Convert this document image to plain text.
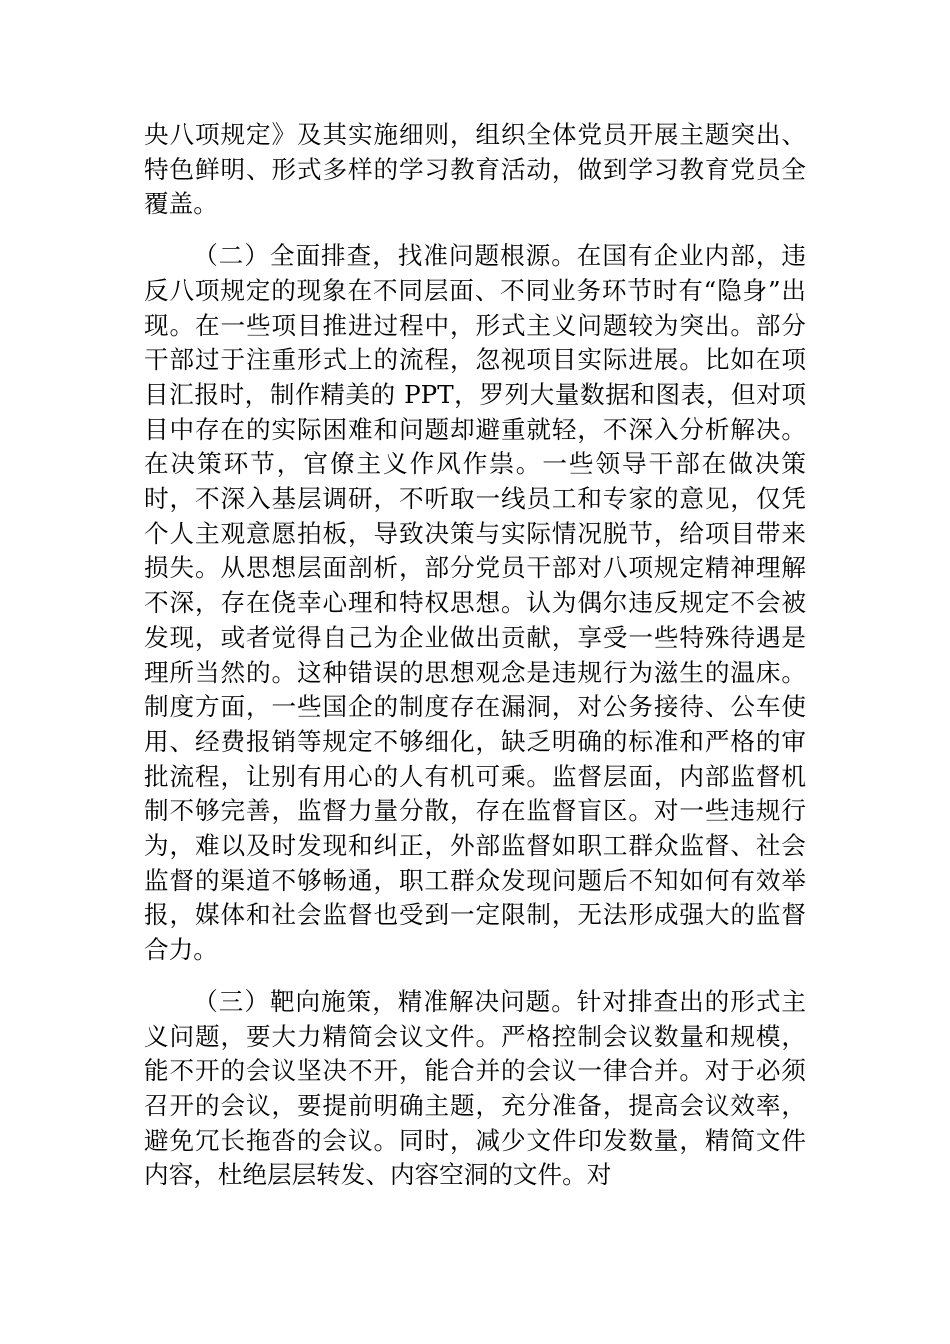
央八项规定》及其实施细则，组织全体党员开展主题突出、特色鲜明、形式多样的学习教育活动，做到学习教育党员全覆盖。

（二）全面排查，找准问题根源。在国有企业内部，违反八项规定的现象在不同层面、不同业务环节时有“隐身”出现。在一些项目推进过程中，形式主义问题较为突出。部分干部过于注重形式上的流程，忽视项目实际进展。比如在项目汇报时，制作精美的 PPT，罗列大量数据和图表，但对项目中存在的实际困难和问题却避重就轻，不深入分析解决。在决策环节，官僚主义作风作祟。一些领导干部在做决策时，不深入基层调研，不听取一线员工和专家的意见，仅凭个人主观意愿拍板，导致决策与实际情况脱节，给项目带来损失。从思想层面剖析，部分党员干部对八项规定精神理解不深，存在侥幸心理和特权思想。认为偶尔违反规定不会被发现，或者觉得自己为企业做出贡献，享受一些特殊待遇是理所当然的。这种错误的思想观念是违规行为滋生的温床。制度方面，一些国企的制度存在漏洞，对公务接待、公车使用、经费报销等规定不够细化，缺乏明确的标准和严格的审批流程，让别有用心的人有机可乘。监督层面，内部监督机制不够完善，监督力量分散，存在监督盲区。对一些违规行为，难以及时发现和纠正，外部监督如职工群众监督、社会监督的渠道不够畅通，职工群众发现问题后不知如何有效举报，媒体和社会监督也受到一定限制，无法形成强大的监督合力。

（三）靶向施策，精准解决问题。针对排查出的形式主义问题，要大力精简会议文件。严格控制会议数量和规模，能不开的会议坚决不开，能合并的会议一律合并。对于必须召开的会议，要提前明确主题，充分准备，提高会议效率，避免冗长拖沓的会议。同时，减少文件印发数量，精简文件内容，杜绝层层转发、内容空洞的文件。对
